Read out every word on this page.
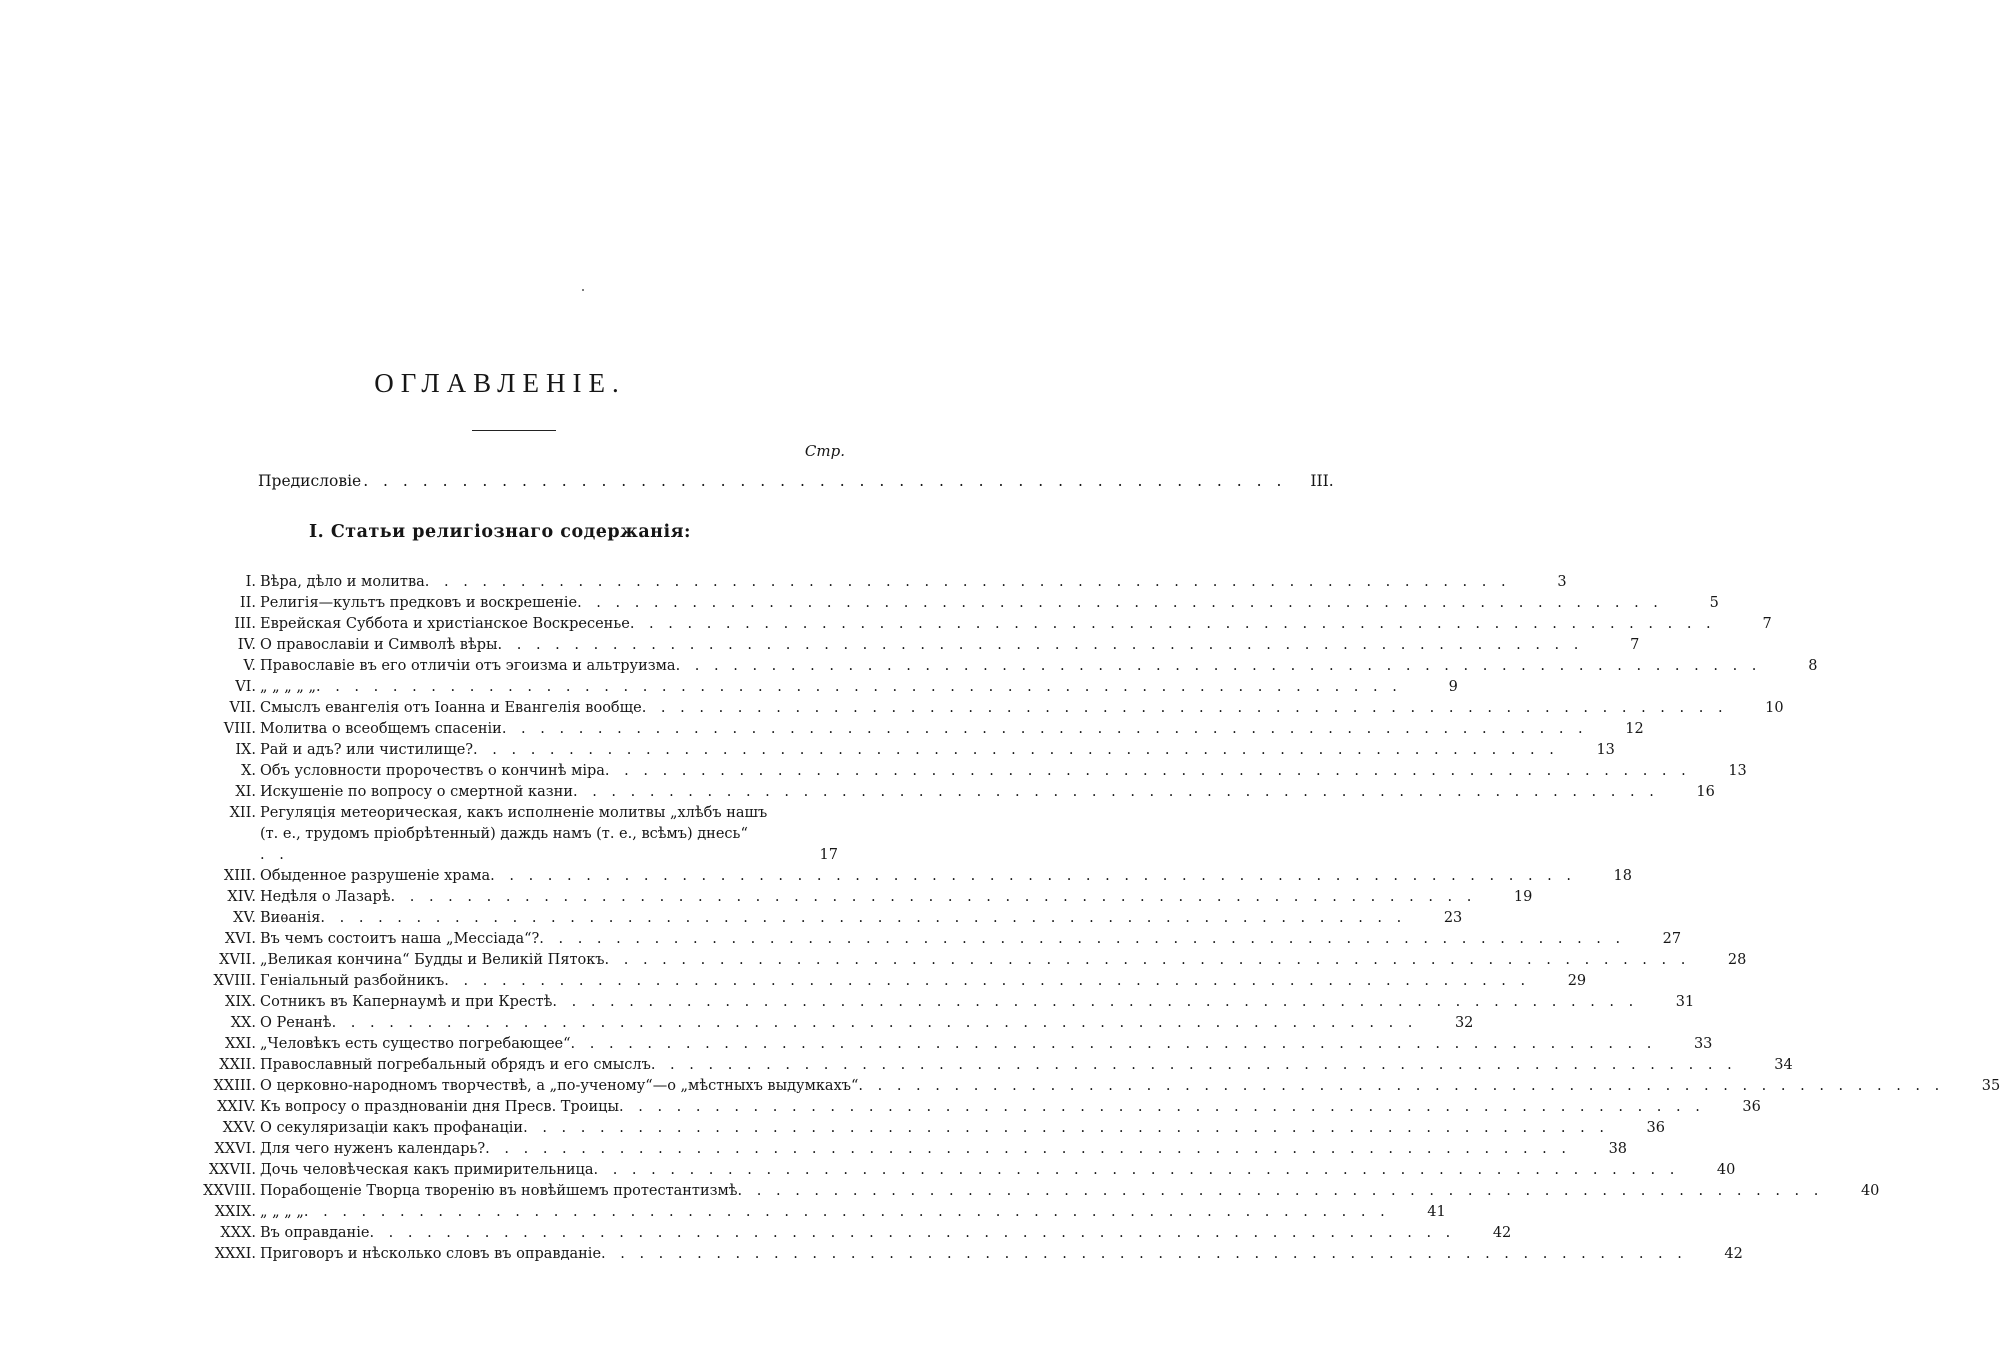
ОГЛАВЛЕНІЕ.
Стр.
Предисловіе . . . . . . . . . . . . . . . . . . . . . . . . . . . . . . . . . . . . . . . . . . . . . . . III.
I. Статьи религіознаго содержанія:
I. Вѣра, дѣло и молитва . . . . . . . . . . . . . . . . . . . . . . . . . . . . . . . . . . . . . . . . . . . . . . . . . . . . . . . . .	3
II. Религія—культъ предковъ и воскрешеніе . . . . . . . . . . . . . . . . . . . . . . . . . . . . . . . . . . . . . . . . . . . . . . . . . . . . . . . . .	5
III. Еврейская Суббота и христіанское Воскресенье . . . . . . . . . . . . . . . . . . . . . . . . . . . . . . . . . . . . . . . . . . . . . . . . . . . . . . . . .	7
IV. О православіи и Символѣ вѣры . . . . . . . . . . . . . . . . . . . . . . . . . . . . . . . . . . . . . . . . . . . . . . . . . . . . . . . . .	7
V. Православіе въ его отличіи отъ эгоизма и альтруизма . . . . . . . . . . . . . . . . . . . . . . . . . . . . . . . . . . . . . . . . . . . . . . . . . . . . . . . . .	8
VI. „ „ „ „ „ . . . . . . . . . . . . . . . . . . . . . . . . . . . . . . . . . . . . . . . . . . . . . . . . . . . . . . . . .	9
VII. Смыслъ евангелія отъ Іоанна и Евангелія вообще . . . . . . . . . . . . . . . . . . . . . . . . . . . . . . . . . . . . . . . . . . . . . . . . . . . . . . . . .	10
VIII. Молитва о всеобщемъ спасеніи . . . . . . . . . . . . . . . . . . . . . . . . . . . . . . . . . . . . . . . . . . . . . . . . . . . . . . . . .	12
IX. Рай и адъ? или чистилище? . . . . . . . . . . . . . . . . . . . . . . . . . . . . . . . . . . . . . . . . . . . . . . . . . . . . . . . . .	13
X. Объ условности пророчествъ о кончинѣ міра . . . . . . . . . . . . . . . . . . . . . . . . . . . . . . . . . . . . . . . . . . . . . . . . . . . . . . . . .	13
XI. Искушеніе по вопросу о смертной казни . . . . . . . . . . . . . . . . . . . . . . . . . . . . . . . . . . . . . . . . . . . . . . . . . . . . . . . . .	16
XII. Регуляція метеорическая, какъ исполненіе молитвы „хлѣбъ нашъ (т. е., трудомъ пріобрѣтенный) даждь намъ (т. е., всѣмъ) днесь“ . .	17
XIII. Обыденное разрушеніе храма . . . . . . . . . . . . . . . . . . . . . . . . . . . . . . . . . . . . . . . . . . . . . . . . . . . . . . . . .	18
XIV. Недѣля о Лазарѣ . . . . . . . . . . . . . . . . . . . . . . . . . . . . . . . . . . . . . . . . . . . . . . . . . . . . . . . . .	19
XV. Виѳанія . . . . . . . . . . . . . . . . . . . . . . . . . . . . . . . . . . . . . . . . . . . . . . . . . . . . . . . . .	23
XVI. Въ чемъ состоитъ наша „Мессіада“? . . . . . . . . . . . . . . . . . . . . . . . . . . . . . . . . . . . . . . . . . . . . . . . . . . . . . . . . .	27
XVII. „Великая кончина“ Будды и Великій Пятокъ . . . . . . . . . . . . . . . . . . . . . . . . . . . . . . . . . . . . . . . . . . . . . . . . . . . . . . . . .	28
XVIII. Геніальный разбойникъ . . . . . . . . . . . . . . . . . . . . . . . . . . . . . . . . . . . . . . . . . . . . . . . . . . . . . . . . .	29
XIX. Сотникъ въ Капернаумѣ и при Крестѣ . . . . . . . . . . . . . . . . . . . . . . . . . . . . . . . . . . . . . . . . . . . . . . . . . . . . . . . . .	31
XX. О Ренанѣ . . . . . . . . . . . . . . . . . . . . . . . . . . . . . . . . . . . . . . . . . . . . . . . . . . . . . . . . .	32
XXI. „Человѣкъ есть существо погребающее“ . . . . . . . . . . . . . . . . . . . . . . . . . . . . . . . . . . . . . . . . . . . . . . . . . . . . . . . . .	33
XXII. Православный погребальный обрядъ и его смыслъ . . . . . . . . . . . . . . . . . . . . . . . . . . . . . . . . . . . . . . . . . . . . . . . . . . . . . . . . .	34
XXIII. О церковно-народномъ творчествѣ, а „по-ученому“—о „мѣстныхъ выдумкахъ“ . . . . . . . . . . . . . . . . . . . . . . . . . . . . . . . . . . . . . . . . . . . . . . . . . . . . . . . . .	35
XXIV. Къ вопросу о празднованіи дня Пресв. Троицы . . . . . . . . . . . . . . . . . . . . . . . . . . . . . . . . . . . . . . . . . . . . . . . . . . . . . . . . .	36
XXV. О секуляризаціи какъ профанаціи . . . . . . . . . . . . . . . . . . . . . . . . . . . . . . . . . . . . . . . . . . . . . . . . . . . . . . . . .	36
XXVI. Для чего нуженъ календарь? . . . . . . . . . . . . . . . . . . . . . . . . . . . . . . . . . . . . . . . . . . . . . . . . . . . . . . . . .	38
XXVII. Дочь человѣческая какъ примирительница . . . . . . . . . . . . . . . . . . . . . . . . . . . . . . . . . . . . . . . . . . . . . . . . . . . . . . . . .	40
XXVIII. Порабощеніе Творца творенію въ новѣйшемъ протестантизмѣ . . . . . . . . . . . . . . . . . . . . . . . . . . . . . . . . . . . . . . . . . . . . . . . . . . . . . . . . .	40
XXIX. „ „ „ „ . . . . . . . . . . . . . . . . . . . . . . . . . . . . . . . . . . . . . . . . . . . . . . . . . . . . . . . . .	41
XXX. Въ оправданіе . . . . . . . . . . . . . . . . . . . . . . . . . . . . . . . . . . . . . . . . . . . . . . . . . . . . . . . . .	42
XXXI. Приговоръ и нѣсколько словъ въ оправданіе . . . . . . . . . . . . . . . . . . . . . . . . . . . . . . . . . . . . . . . . . . . . . . . . . . . . . . . . .	42
